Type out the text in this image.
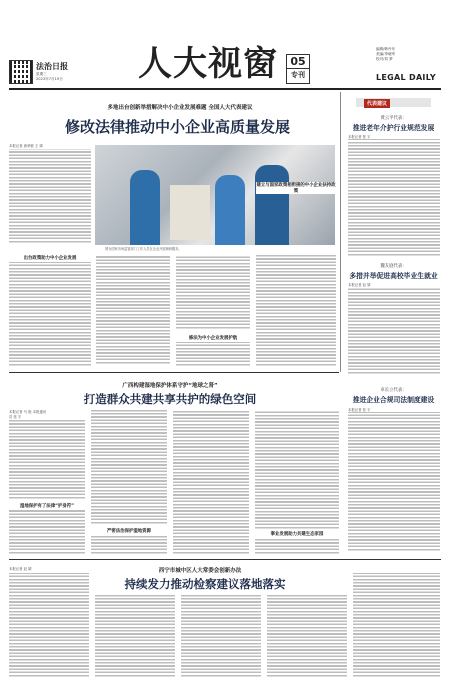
法治日报
星期三
2023年7月19日 人大视窗	05
专刊
编辑/韩丹东
美编/李晓军
校对/刘 梦
LEGAL DAILY
多地出台创新举措解决中小企业发展难题 全国人大代表建议
修改法律推动中小企业高质量发展
本报记者 唐荣敏 王 婧
图为国家市场监管部门工作人员在企业开展调研服务。
出台政策助力中小企业发展
修法为中小企业发展护航
建立与国家政策相衔接的中小企业扶持政策
代表建议
黄云平代表：
推进老年介护行业规范发展
本报记者 张 宇
魏友庭代表：
多措并举促进高校毕业生就业
本报记者 赵 婧
卓长立代表：
推进企业合规司法制度建设
本报记者 张 宇
广西构建湿地保护体系守护“地球之肾”
打造群众共建共享共护的绿色空间
本报记者 马 艳 本报通讯员 张 宇
湿地保护有了法律“护身符”
严密法治保护湿地资源
事业发展助力共建生态家园
西宁市城中区人大常委会创新办法
持续发力推动检察建议落地落实
本报记者 赵 婧
